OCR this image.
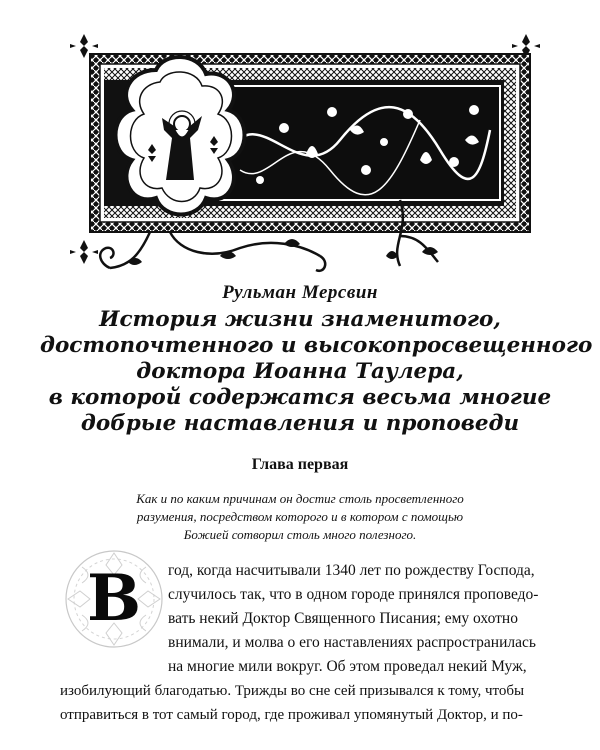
Рульман Мерсвин
История жизни знаменитого,
достопочтенного и высокопросвещенного
доктора Иоанна Таулера,
в которой содержатся весьма многие
добрые наставления и проповеди
Глава первая
Как и по каким причинам он достиг столь просветленного
разумения, посредством которого и в котором с помощью
Божией сотворил столь много полезного.
В	год, когда насчитывали 1340 лет по рождеству Господа,
случилось так, что в одном городе принялся проповедо-
вать некий Доктор Священного Писания; ему охотно
внимали, и молва о его наставлениях распространилась
на многие мили вокруг. Об этом проведал некий Муж,
изобилующий благодатью. Трижды во сне сей призывался к тому, чтобы
отправиться в тот самый город, где проживал упомянутый Доктор, и по-
